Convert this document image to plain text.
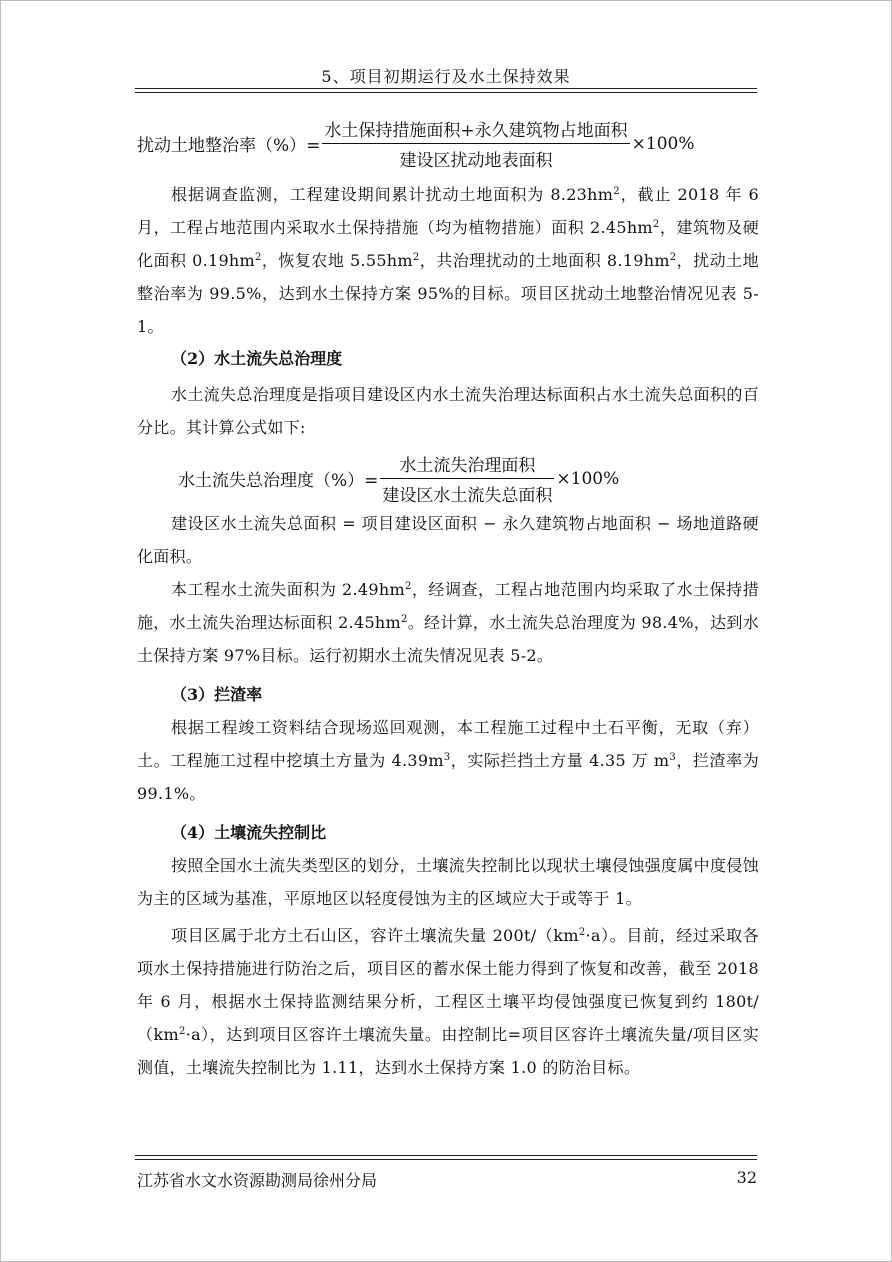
5、项目初期运行及水土保持效果
扰动土地整治率（%）= $\frac{\text{水土保持措施面积+永久建筑物占地面积}}{\text{建设区扰动地表面积}} \times 100\%$
根据调查监测，工程建设期间累计扰动土地面积为 $8.23hm^2$，截止 2018 年 6 月，工程占地范围内采取水土保持措施（均为植物措施）面积 $2.45hm^2$，建筑物及硬化面积 $0.19hm^2$，恢复农地 $5.55hm^2$，共治理扰动的土地面积 $8.19hm^2$，扰动土地整治率为 99.5%，达到水土保持方案 95%的目标。项目区扰动土地整治情况见表 5-1。
（2）水土流失总治理度
水土流失总治理度是指项目建设区内水土流失治理达标面积占水土流失总面积的百分比。其计算公式如下:
水土流失总治理度（%）= $\frac{\text{水土流失治理面积}}{\text{建设区水土流失总面积}} \times 100\%$
建设区水土流失总面积 = 项目建设区面积 − 永久建筑物占地面积 − 场地道路硬化面积。
本工程水土流失面积为 $2.49hm^2$，经调查，工程占地范围内均采取了水土保持措施，水土流失治理达标面积 $2.45hm^2$。经计算，水土流失总治理度为 98.4%，达到水土保持方案 97%目标。运行初期水土流失情况见表 5-2。
（3）拦渣率
根据工程竣工资料结合现场巡回观测，本工程施工过程中土石平衡，无取（弃）土。工程施工过程中挖填土方量为 $4.39m^3$，实际拦挡土方量 4.35 万 $m^3$，拦渣率为 99.1%。
（4）土壤流失控制比
按照全国水土流失类型区的划分，土壤流失控制比以现状土壤侵蚀强度属中度侵蚀为主的区域为基准，平原地区以轻度侵蚀为主的区域应大于或等于 1。
项目区属于北方土石山区，容许土壤流失量 $200t/(km^2\cdot a)$。目前，经过采取各项水土保持措施进行防治之后，项目区的蓄水保土能力得到了恢复和改善，截至 2018 年 6 月，根据水土保持监测结果分析，工程区土壤平均侵蚀强度已恢复到约 $180t/(km^2\cdot a)$，达到项目区容许土壤流失量。由控制比=项目区容许土壤流失量/项目区实测值，土壤流失控制比为 1.11，达到水土保持方案 1.0 的防治目标。
江苏省水文水资源勘测局徐州分局	32
